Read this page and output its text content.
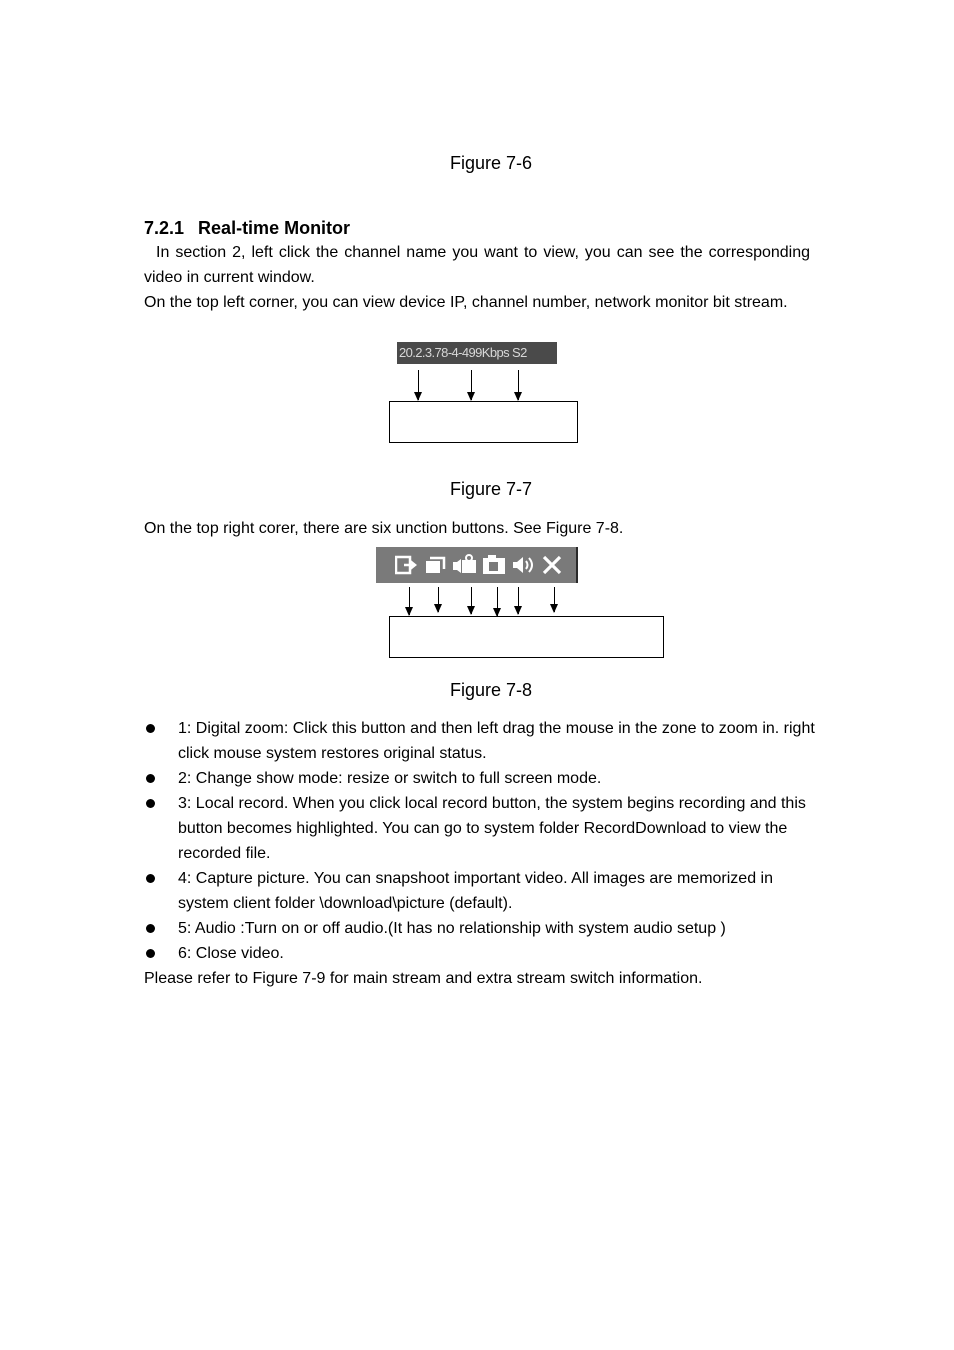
Figure 7-6
7.2.1 Real-time Monitor
In section 2, left click the channel name you want to view, you can see the corresponding video in current window.
On the top left corner, you can view device IP, channel number, network monitor bit stream.
20.2.3.78-4-499Kbps S2
Figure 7-7
On the top right corer, there are six unction buttons. See Figure 7-8.
Figure 7-8
1: Digital zoom: Click this button and then left drag the mouse in the zone to zoom in. right click mouse system restores original status.
2: Change show mode: resize or switch to full screen mode.
3: Local record. When you click local record button, the system begins recording and this button becomes highlighted. You can go to system folder RecordDownload to view the recorded file.
4: Capture picture. You can snapshoot important video. All images are memorized in system client folder \download\picture (default).
5: Audio :Turn on or off audio.(It has no relationship with system audio setup )
6: Close video.
Please refer to Figure 7-9 for main stream and extra stream switch information.
